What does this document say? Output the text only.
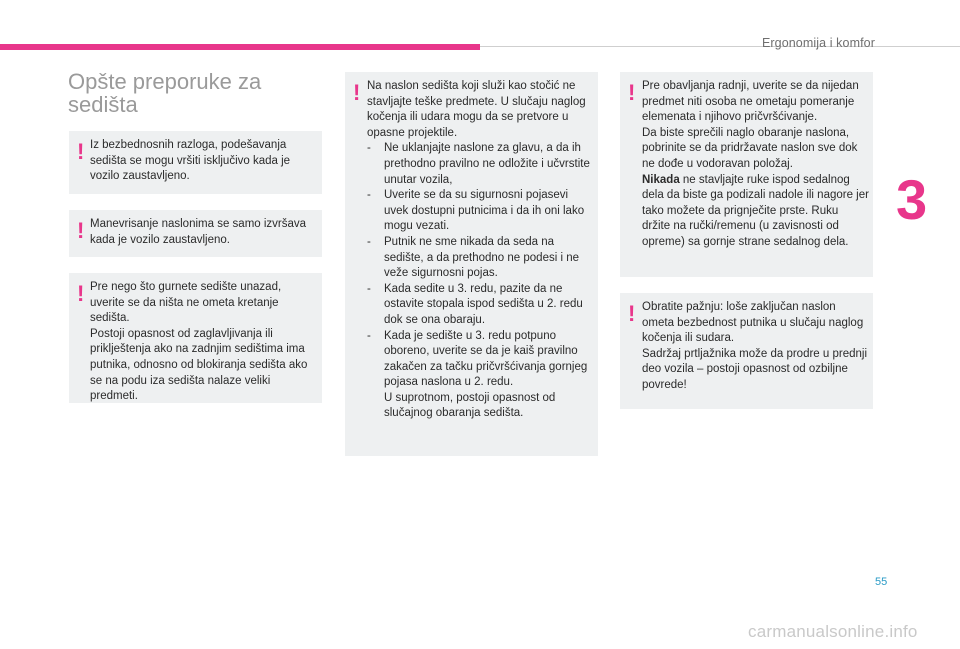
Ergonomija i komfor
3
Opšte preporuke za sedišta
! Iz bezbednosnih razloga, podešavanja sedišta se mogu vršiti isključivo kada je vozilo zaustavljeno.
! Manevrisanje naslonima se samo izvršava kada je vozilo zaustavljeno.
! Pre nego što gurnete sedište unazad, uverite se da ništa ne ometa kretanje sedišta.

Postoji opasnost od zaglavljivanja ili priklještenja ako na zadnjim sedištima ima putnika, odnosno od blokiranja sedišta ako se na podu iza sedišta nalaze veliki predmeti.

! Na naslon sedišta koji služi kao stočić ne stavljajte teške predmete. U slučaju naglog kočenja ili udara mogu da se pretvore u opasne projektile.

- Ne uklanjajte naslone za glavu, a da ih prethodno pravilno ne odložite i učvrstite unutar vozila,
- Uverite se da su sigurnosni pojasevi uvek dostupni putnicima i da ih oni lako mogu vezati.
- Putnik ne sme nikada da seda na sedište, a da prethodno ne podesi i ne veže sigurnosni pojas.
- Kada sedite u 3. redu, pazite da ne ostavite stopala ispod sedišta u 2. redu dok se ona obaraju.
- Kada je sedište u 3. redu potpuno oboreno, uverite se da je kaiš pravilno zakačen za tačku pričvršćivanja gornjeg pojasa naslona u 2. redu.

U suprotnom, postoji opasnost od slučajnog obaranja sedišta.

! Pre obavljanja radnji, uverite se da nijedan predmet niti osoba ne ometaju pomeranje elemenata i njihovo pričvršćivanje.

Da biste sprečili naglo obaranje naslona, pobrinite se da pridržavate naslon sve dok ne dođe u vodoravan položaj.

Nikada ne stavljajte ruke ispod sedalnog dela da biste ga podizali nadole ili nagore jer tako možete da prignječite prste. Ruku držite na ručki/remenu (u zavisnosti od opreme) sa gornje strane sedalnog dela.

! Obratite pažnju: loše zaključan naslon ometa bezbednost putnika u slučaju naglog kočenja ili sudara.

Sadržaj prtljažnika može da prodre u prednji deo vozila – postoji opasnost od ozbiljne povrede!

55
carmanualsonline.info
